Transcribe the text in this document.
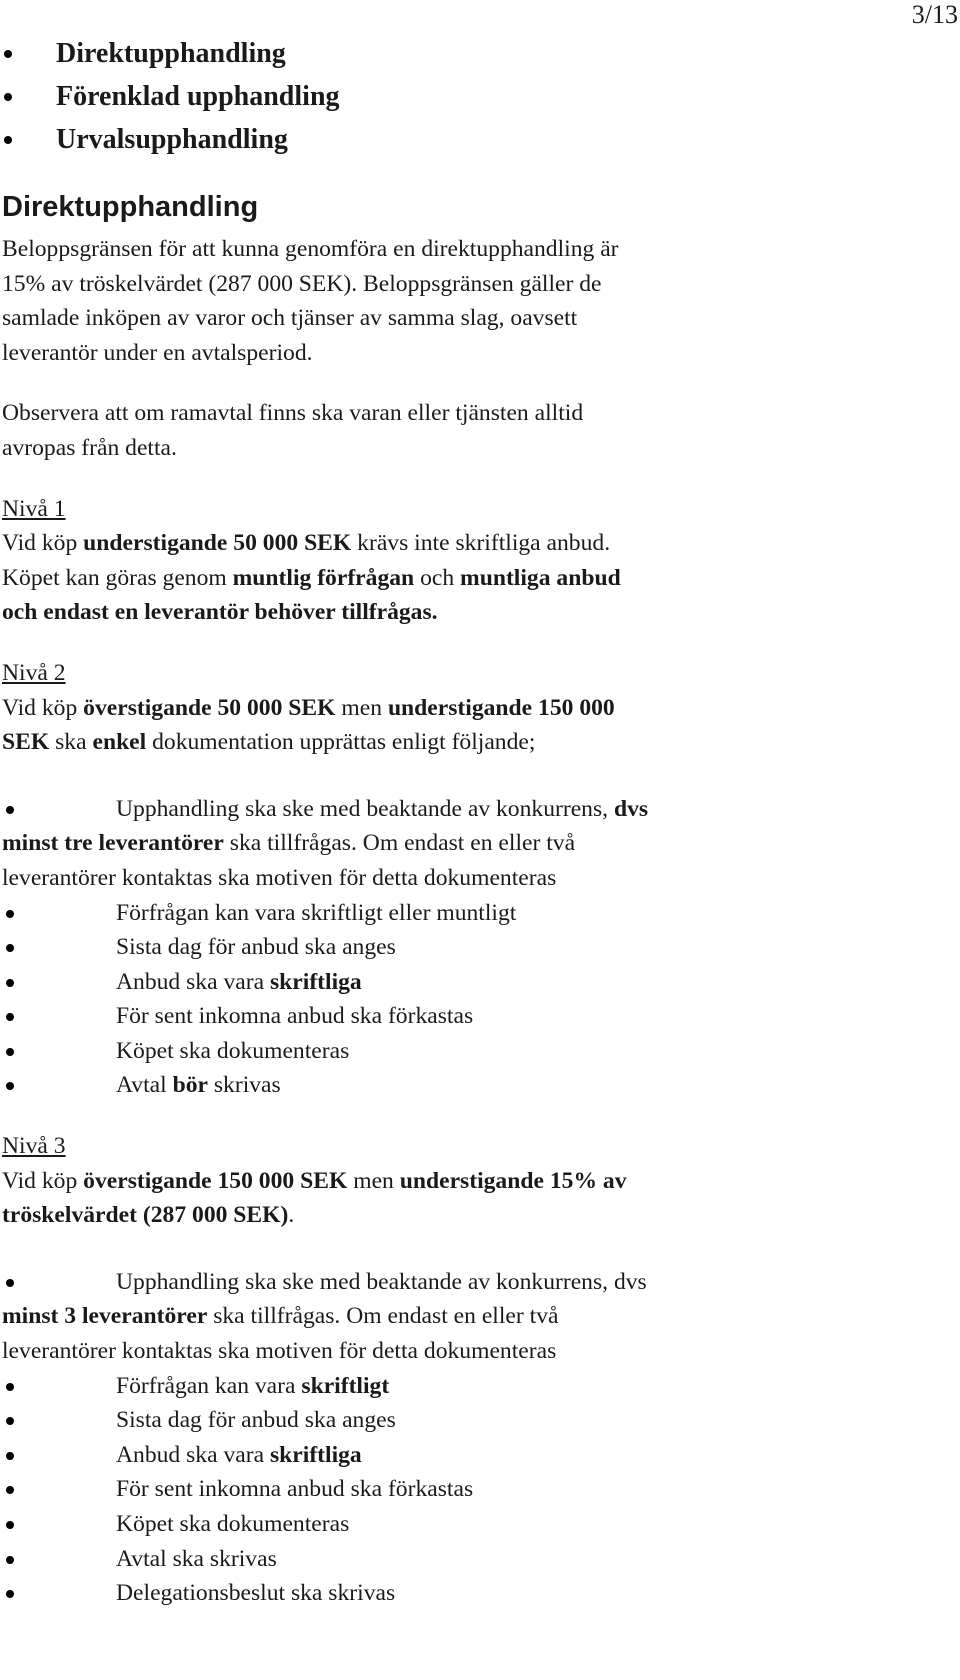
3/13
Direktupphandling
Förenklad upphandling
Urvalsupphandling
Direktupphandling

Beloppsgränsen för att kunna genomföra en direktupphandling är

15% av tröskelvärdet (287 000 SEK). Beloppsgränsen gäller de

samlade inköpen av varor och tjänser av samma slag, oavsett

leverantör under en avtalsperiod.

Observera att om ramavtal finns ska varan eller tjänsten alltid

avropas från detta.

Nivå 1

Vid köp understigande 50 000 SEK krävs inte skriftliga anbud.

Köpet kan göras genom muntlig förfrågan och muntliga anbud

och endast en leverantör behöver tillfrågas.

Nivå 2

Vid köp överstigande 50 000 SEK men understigande 150 000

SEK ska enkel dokumentation upprättas enligt följande;

Upphandling ska ske med beaktande av konkurrens, dvs
minst tre leverantörer ska tillfrågas. Om endast en eller två
leverantörer kontaktas ska motiven för detta dokumenteras

Förfrågan kan vara skriftligt eller muntligt

Sista dag för anbud ska anges

Anbud ska vara skriftliga

För sent inkomna anbud ska förkastas

Köpet ska dokumenteras

Avtal bör skrivas

Nivå 3

Vid köp överstigande 150 000 SEK men understigande 15% av

tröskelvärdet (287 000 SEK).

Upphandling ska ske med beaktande av konkurrens, dvs
minst 3 leverantörer ska tillfrågas. Om endast en eller två
leverantörer kontaktas ska motiven för detta dokumenteras

Förfrågan kan vara skriftligt

Sista dag för anbud ska anges

Anbud ska vara skriftliga

För sent inkomna anbud ska förkastas

Köpet ska dokumenteras

Avtal ska skrivas

Delegationsbeslut ska skrivas
